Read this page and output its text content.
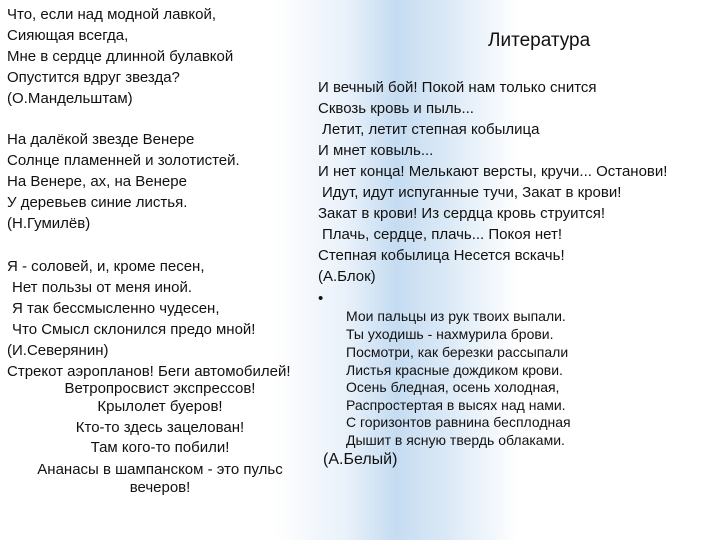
Литература
Что, если над модной лавкой,
Сияющая всегда,
Мне в сердце длинной булавкой
Опустится вдруг звезда?
(О.Мандельштам)
На далёкой звезде Венере
Солнце пламенней и золотистей.
На Венере, ах, на Венере
У деревьев синие листья.
(Н.Гумилёв)
Я - соловей, и, кроме песен,
Нет пользы от меня иной.
Я так бессмысленно чудесен,
Что Смысл склонился предо мной!
(И.Северянин)
Стрекот аэропланов! Беги автомобилей!
Ветропросвист экспрессов!
Крылолет буеров!
Кто-то здесь зацелован!
Там кого-то побили!
Ананасы в шампанском - это пульс
вечеров!
И вечный бой! Покой нам только снится
Сквозь кровь и пыль...
Летит, летит степная кобылица
И мнет ковыль...
И нет конца! Мелькают версты, кручи... Останови!
Идут, идут испуганные тучи, Закат в крови!
Закат в крови! Из сердца кровь струится!
Плачь, сердце, плачь... Покоя нет!
Степная кобылица Несется вскачь!
(А.Блок)
•
Мои пальцы из рук твоих выпали.
Ты уходишь - нахмурила брови.
Посмотри, как березки рассыпали
Листья красные дождиком крови.
Осень бледная, осень холодная,
Распростертая в высях над нами.
С горизонтов равнина бесплодная
Дышит в ясную твердь облаками.
(А.Белый)
